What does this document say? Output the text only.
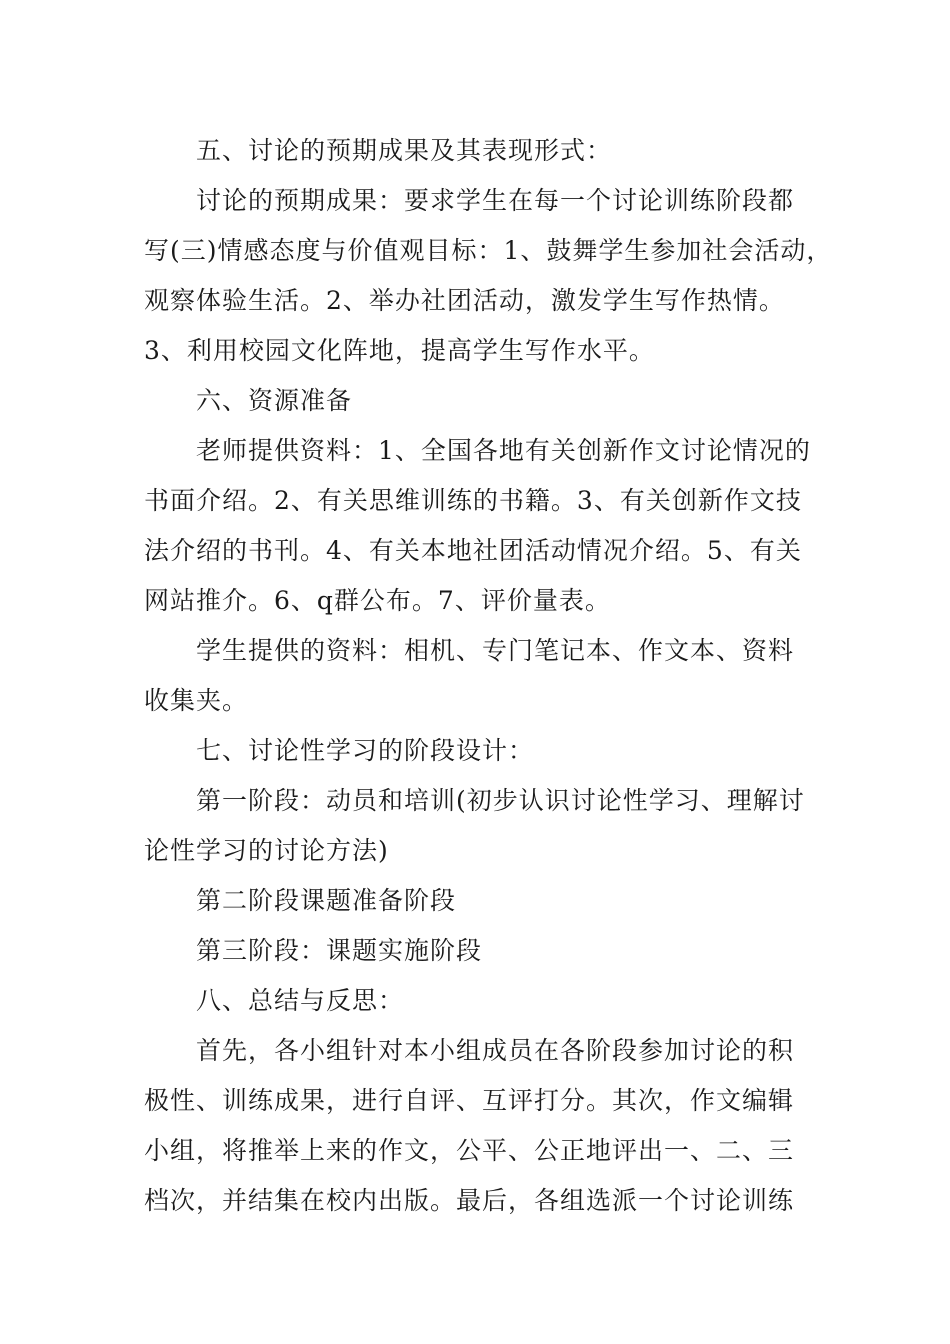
五、讨论的预期成果及其表现形式：
讨论的预期成果：要求学生在每一个讨论训练阶段都
写(三)情感态度与价值观目标：1、鼓舞学生参加社会活动，
观察体验生活。2、举办社团活动，激发学生写作热情。
3、利用校园文化阵地，提高学生写作水平。
六、资源准备
老师提供资料：1、全国各地有关创新作文讨论情况的
书面介绍。2、有关思维训练的书籍。3、有关创新作文技
法介绍的书刊。4、有关本地社团活动情况介绍。5、有关
网站推介。6、q群公布。7、评价量表。
学生提供的资料：相机、专门笔记本、作文本、资料
收集夹。
七、讨论性学习的阶段设计：
第一阶段：动员和培训(初步认识讨论性学习、理解讨
论性学习的讨论方法)
第二阶段课题准备阶段
第三阶段：课题实施阶段
八、总结与反思：
首先，各小组针对本小组成员在各阶段参加讨论的积
极性、训练成果，进行自评、互评打分。其次，作文编辑
小组，将推举上来的作文，公平、公正地评出一、二、三
档次，并结集在校内出版。最后，各组选派一个讨论训练
